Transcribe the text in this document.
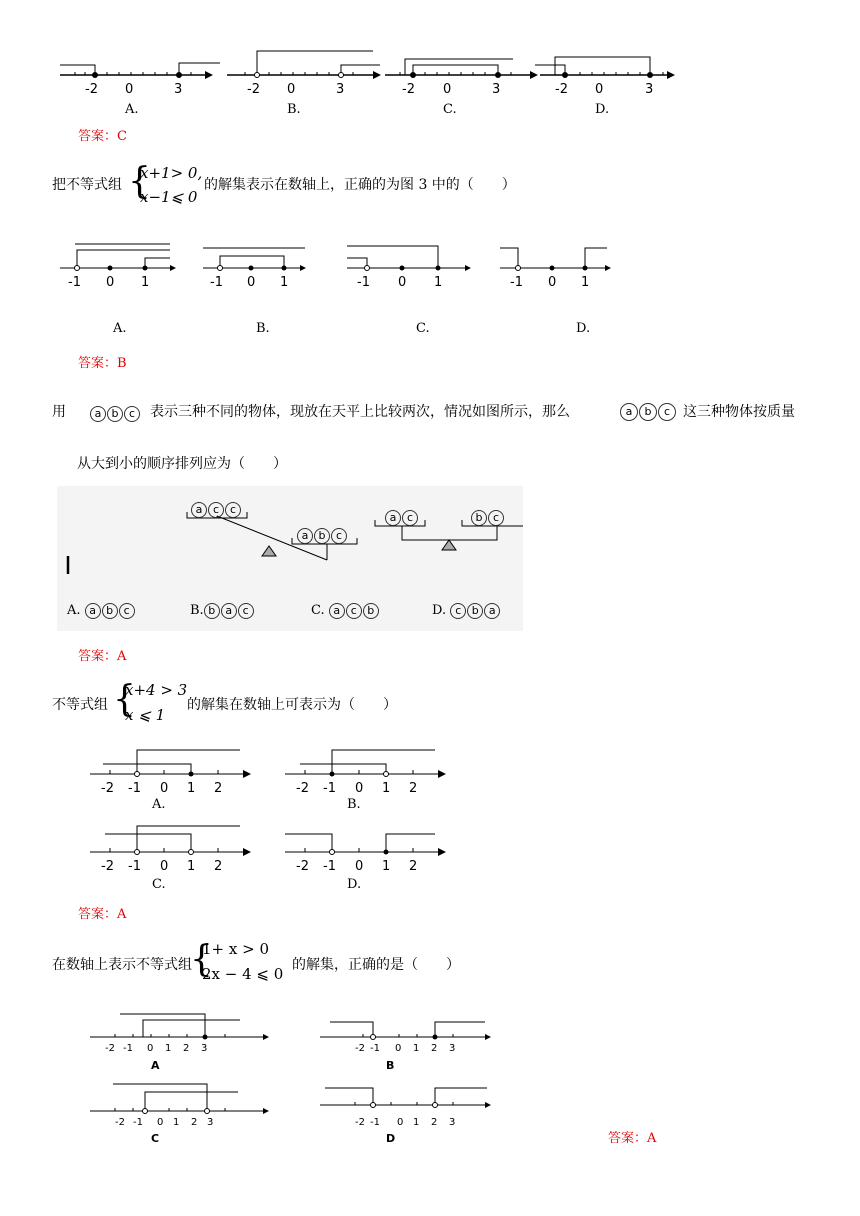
-2 0	3
A.
-2 0	3
B.
-2 0	3
C.
-2 0	3
D.
答案：C
把不等式组 {
x+1> 0,
x−1⩽ 0
的解集表示在数轴上，正确的为图 3 中的（　　）
-1 0 1	-1 0 1	-1 0 1	-1 0 1
A.	B.	C.	D.
答案：B
用	a b c	表示三种不同的物体，现放在天平上比较两次，情况如图所示，那么	a b c 这三种物体按质量
从大到小的顺序排列应为（　　）
a c c
a b c
a c	b c
A. a b c	B. b a c	C. a c b	D. c b a
答案：A
不等式组 {
x+4 > 3
x ⩽ 1
的解集在数轴上可表示为（　　）
-2 -1 0 1 2
A.
-2 -1 0 1 2
B.
-2 -1 0 1 2
C.
-2 -1 0 1 2
D.
答案：A
在数轴上表示不等式组
{
1+ x > 0
2x − 4 ⩽ 0 的解集，正确的是（　　）
-2 -1 0 1 2 3
A
-2 -1 0 1 2 3
B
-2 -1 0 1 2 3
C
-2 -1 0 1 2 3
D	答案：A
